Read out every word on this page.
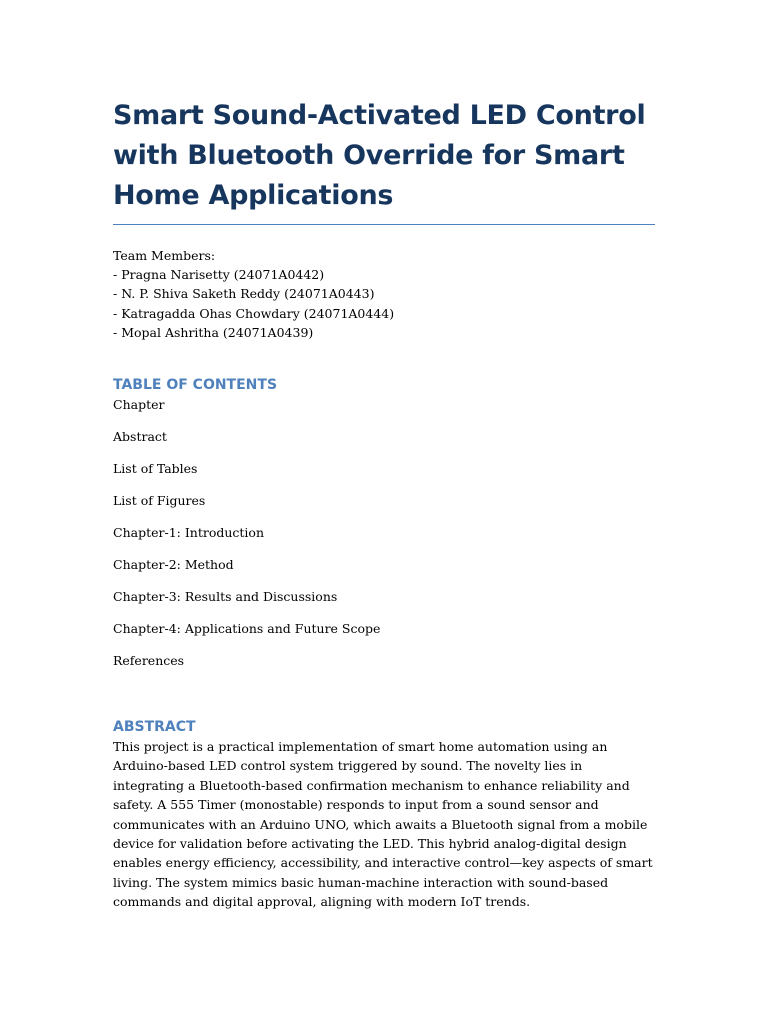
Smart Sound-Activated LED Control with Bluetooth Override for Smart Home Applications
Team Members:
- Pragna Narisetty (24071A0442)
- N. P. Shiva Saketh Reddy (24071A0443)
- Katragadda Ohas Chowdary (24071A0444)
- Mopal Ashritha (24071A0439)
TABLE OF CONTENTS
Chapter
Abstract
List of Tables
List of Figures
Chapter-1: Introduction
Chapter-2: Method
Chapter-3: Results and Discussions
Chapter-4: Applications and Future Scope
References
ABSTRACT

This project is a practical implementation of smart home automation using an Arduino-based LED control system triggered by sound. The novelty lies in integrating a Bluetooth-based confirmation mechanism to enhance reliability and safety. A 555 Timer (monostable) responds to input from a sound sensor and communicates with an Arduino UNO, which awaits a Bluetooth signal from a mobile device for validation before activating the LED. This hybrid analog-digital design enables energy efficiency, accessibility, and interactive control—key aspects of smart living. The system mimics basic human-machine interaction with sound-based commands and digital approval, aligning with modern IoT trends.
